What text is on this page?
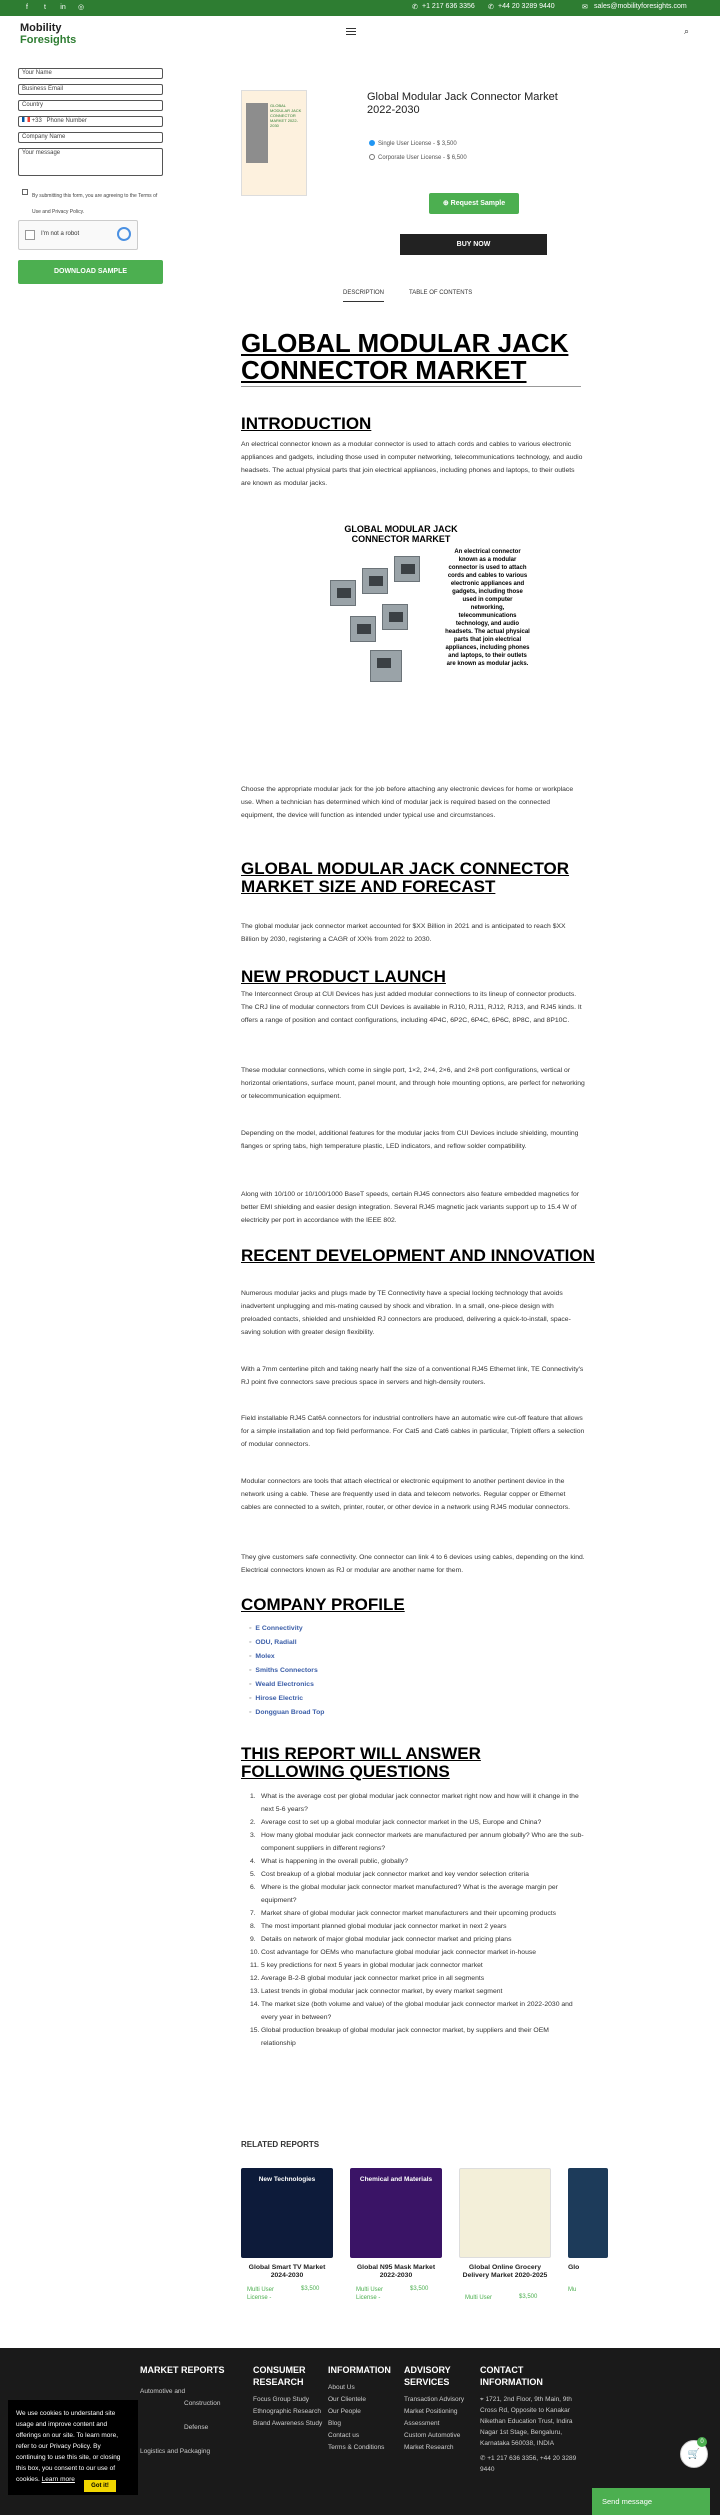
f	t	in	◎	✆ +1 217 636 3356 ✆ +44 20 3289 9440	✉ sales@mobilityforesights.com
Mobility
Foresights
⌕
Your Name
Business Email
Country
+33 Phone Number
Company Name
Your message
By submitting this form, you are agreeing to the Terms of Use and Privacy Policy.
I'm not a robot
DOWNLOAD SAMPLE
GLOBAL MODULAR JACK CONNECTOR MARKET 2022-2030
Global Modular Jack Connector Market 2022-2030
Single User License - $ 3,500
Corporate User License - $ 6,500
⊕ Request Sample
BUY NOW
DESCRIPTION	TABLE OF CONTENTS
GLOBAL MODULAR JACK CONNECTOR MARKET
INTRODUCTION
An electrical connector known as a modular connector is used to attach cords and cables to various electronic appliances and gadgets, including those used in computer networking, telecommunications technology, and audio headsets. The actual physical parts that join electrical appliances, including phones and laptops, to their outlets are known as modular jacks.
GLOBAL MODULAR JACK CONNECTOR MARKET
An electrical connector known as a modular connector is used to attach cords and cables to various electronic appliances and gadgets, including those used in computer networking, telecommunications technology, and audio headsets. The actual physical parts that join electrical appliances, including phones and laptops, to their outlets are known as modular jacks.
Choose the appropriate modular jack for the job before attaching any electronic devices for home or workplace use. When a technician has determined which kind of modular jack is required based on the connected equipment, the device will function as intended under typical use and circumstances.
GLOBAL MODULAR JACK CONNECTOR MARKET SIZE AND FORECAST
The global modular jack connector market accounted for $XX Billion in 2021 and is anticipated to reach $XX Billion by 2030, registering a CAGR of XX% from 2022 to 2030.
NEW PRODUCT LAUNCH
The Interconnect Group at CUI Devices has just added modular connections to its lineup of connector products. The CRJ line of modular connectors from CUI Devices is available in RJ10, RJ11, RJ12, RJ13, and RJ45 kinds. It offers a range of position and contact configurations, including 4P4C, 6P2C, 6P4C, 6P6C, 8P8C, and 8P10C.
These modular connections, which come in single port, 1×2, 2×4, 2×6, and 2×8 port configurations, vertical or horizontal orientations, surface mount, panel mount, and through hole mounting options, are perfect for networking or telecommunication equipment.
Depending on the model, additional features for the modular jacks from CUI Devices include shielding, mounting flanges or spring tabs, high temperature plastic, LED indicators, and reflow solder compatibility.
Along with 10/100 or 10/100/1000 BaseT speeds, certain RJ45 connectors also feature embedded magnetics for better EMI shielding and easier design integration. Several RJ45 magnetic jack variants support up to 15.4 W of electricity per port in accordance with the IEEE 802.
RECENT DEVELOPMENT AND INNOVATION
Numerous modular jacks and plugs made by TE Connectivity have a special locking technology that avoids inadvertent unplugging and mis-mating caused by shock and vibration. In a small, one-piece design with preloaded contacts, shielded and unshielded RJ connectors are produced, delivering a quick-to-install, space-saving solution with greater design flexibility.
With a 7mm centerline pitch and taking nearly half the size of a conventional RJ45 Ethernet link, TE Connectivity's RJ point five connectors save precious space in servers and high-density routers.
Field installable RJ45 Cat6A connectors for industrial controllers have an automatic wire cut-off feature that allows for a simple installation and top field performance. For Cat5 and Cat6 cables in particular, Triplett offers a selection of modular connectors.
Modular connectors are tools that attach electrical or electronic equipment to another pertinent device in the network using a cable. These are frequently used in data and telecom networks. Regular copper or Ethernet cables are connected to a switch, printer, router, or other device in a network using RJ45 modular connectors.
They give customers safe connectivity. One connector can link 4 to 6 devices using cables, depending on the kind. Electrical connectors known as RJ or modular are another name for them.
COMPANY PROFILE
◦ E Connectivity
◦ ODU, Radiall
◦ Molex
◦ Smiths Connectors
◦ Weald Electronics
◦ Hirose Electric
◦ Dongguan Broad Top
THIS REPORT WILL ANSWER FOLLOWING QUESTIONS
1. What is the average cost per global modular jack connector market right now and how will it change in the next 5-6 years?
2. Average cost to set up a global modular jack connector market in the US, Europe and China?
3. How many global modular jack connector markets are manufactured per annum globally? Who are the sub-component suppliers in different regions?
4. What is happening in the overall public, globally?
5. Cost breakup of a global modular jack connector market and key vendor selection criteria
6. Where is the global modular jack connector market manufactured? What is the average margin per equipment?
7. Market share of global modular jack connector market manufacturers and their upcoming products
8. The most important planned global modular jack connector market in next 2 years
9. Details on network of major global modular jack connector market and pricing plans
10. Cost advantage for OEMs who manufacture global modular jack connector market in-house
11. 5 key predictions for next 5 years in global modular jack connector market
12. Average B-2-B global modular jack connector market price in all segments
13. Latest trends in global modular jack connector market, by every market segment
14. The market size (both volume and value) of the global modular jack connector market in 2022-2030 and every year in between?
15. Global production breakup of global modular jack connector market, by suppliers and their OEM relationship
RELATED REPORTS
New Technologies
Global Smart TV Market 2024-2030
Multi User License -
$3,500
Chemical and Materials
Global N95 Mask Market 2022-2030
Multi User License -
$3,500
Global Online Grocery Delivery Market 2020-2025
Multi User	$3,500
Glo
Mu
MARKET REPORTS
Automotive and
Construction
Defense
Logistics and Packaging
CONSUMER RESEARCH
Focus Group Study
Ethnographic Research
Brand Awareness Study
INFORMATION
About Us
Our Clientele
Our People
Blog
Contact us
Terms & Conditions
ADVISORY SERVICES
Transaction Advisory
Market Positioning Assessment
Custom Automotive Market Research
CONTACT INFORMATION
⌖ 1721, 2nd Floor, 9th Main, 9th Cross Rd, Opposite to Kanakar Nikethan Education Trust, Indira Nagar 1st Stage, Bengaluru, Karnataka 560038, INDIA
✆ +1 217 636 3356, +44 20 3289 9440
We use cookies to understand site usage and improve content and offerings on our site. To learn more, refer to our Privacy Policy. By continuing to use this site, or closing this box, you consent to our use of cookies. Learn more
Got it!
🛒
0
Send message
